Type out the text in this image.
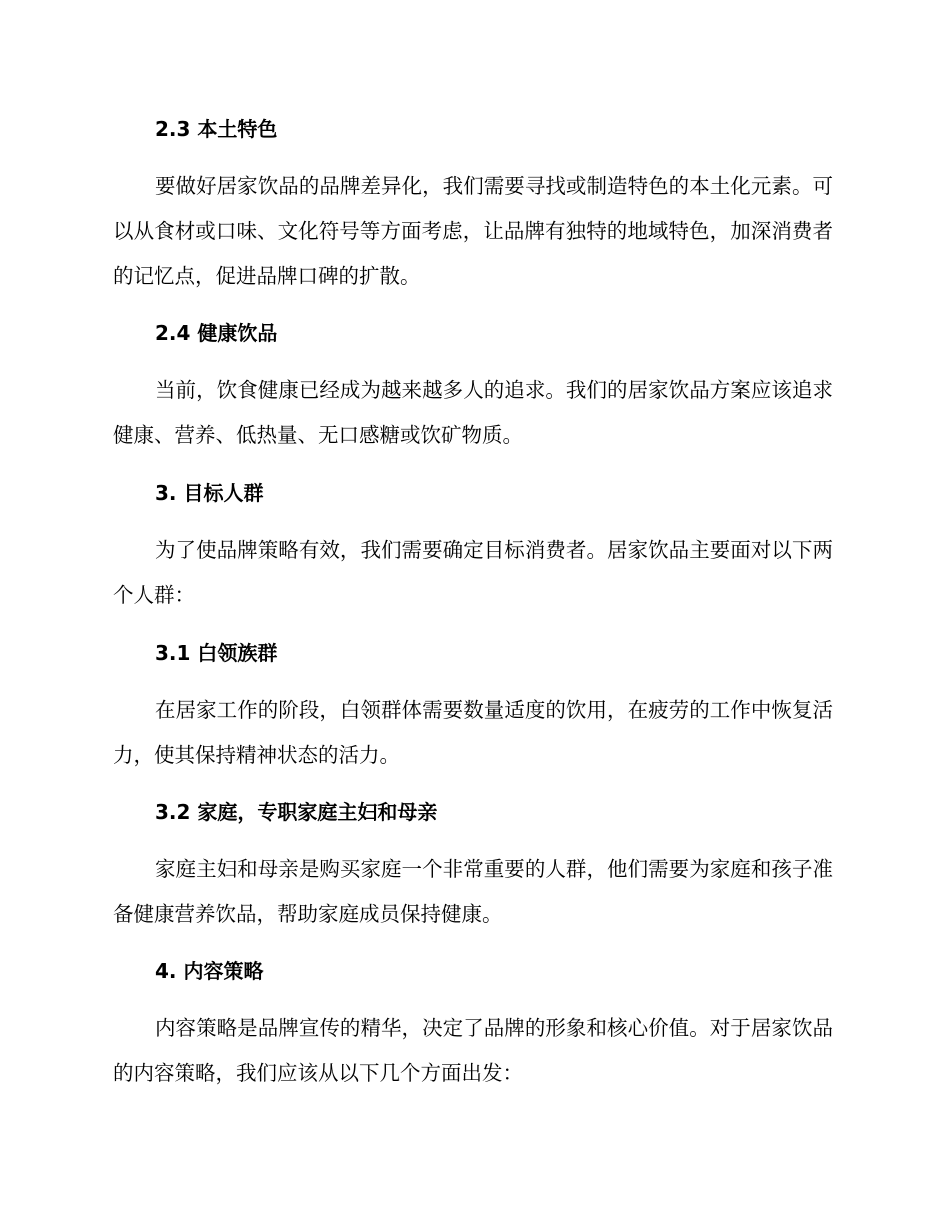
2.3 本土特色

要做好居家饮品的品牌差异化，我们需要寻找或制造特色的本土化元素。可以从食材或口味、文化符号等方面考虑，让品牌有独特的地域特色，加深消费者的记忆点，促进品牌口碑的扩散。

2.4 健康饮品

当前，饮食健康已经成为越来越多人的追求。我们的居家饮品方案应该追求健康、营养、低热量、无口感糖或饮矿物质。

3. 目标人群

为了使品牌策略有效，我们需要确定目标消费者。居家饮品主要面对以下两个人群：

3.1 白领族群

在居家工作的阶段，白领群体需要数量适度的饮用，在疲劳的工作中恢复活力，使其保持精神状态的活力。

3.2 家庭，专职家庭主妇和母亲

家庭主妇和母亲是购买家庭一个非常重要的人群，他们需要为家庭和孩子准备健康营养饮品，帮助家庭成员保持健康。

4. 内容策略

内容策略是品牌宣传的精华，决定了品牌的形象和核心价值。对于居家饮品的内容策略，我们应该从以下几个方面出发：
